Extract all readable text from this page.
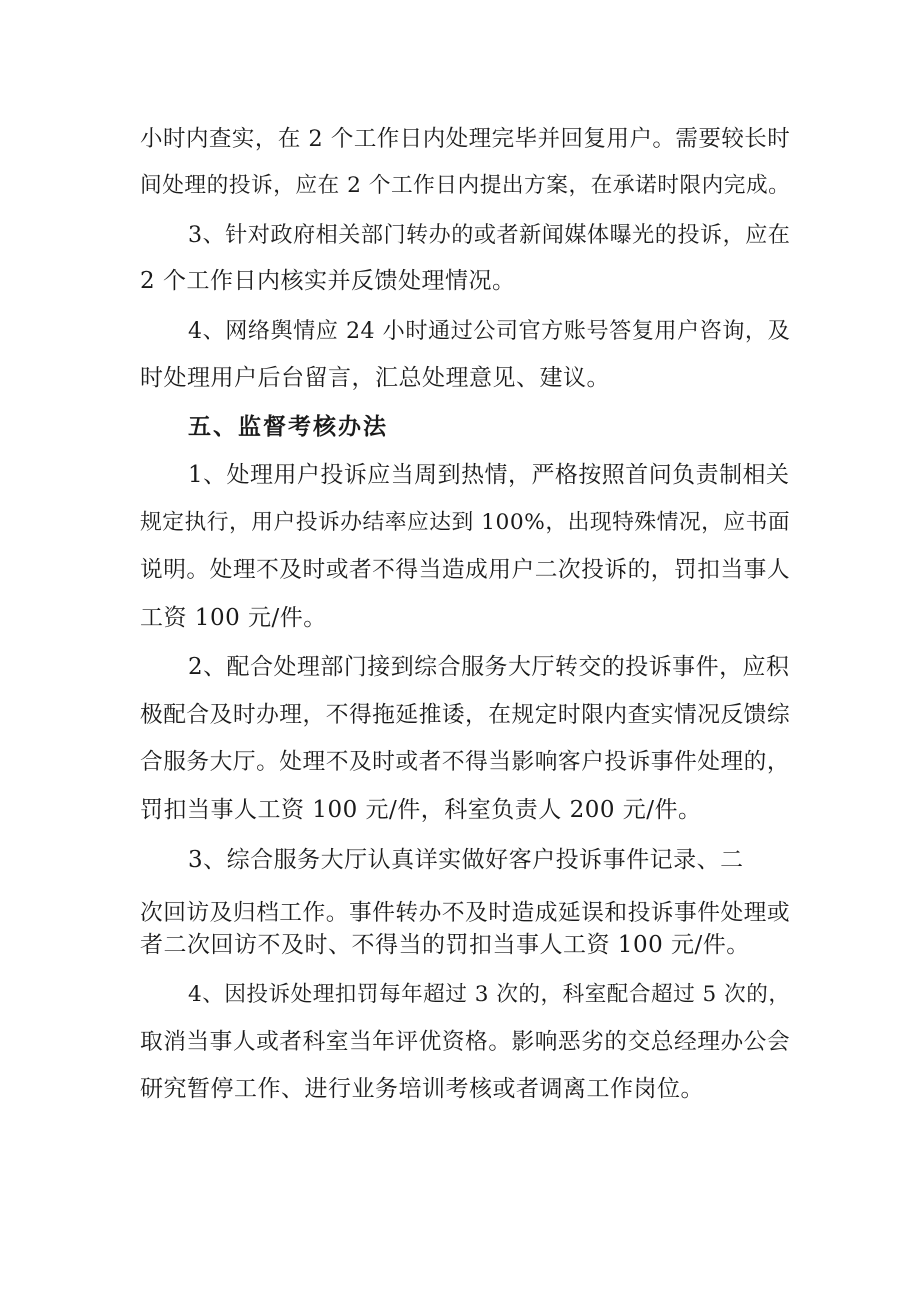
小时内查实，在 2 个工作日内处理完毕并回复用户。需要较长时
间处理的投诉，应在 2 个工作日内提出方案，在承诺时限内完成。
3、针对政府相关部门转办的或者新闻媒体曝光的投诉，应在
2 个工作日内核实并反馈处理情况。
4、网络舆情应 24 小时通过公司官方账号答复用户咨询，及
时处理用户后台留言，汇总处理意见、建议。
五、监督考核办法
1、处理用户投诉应当周到热情，严格按照首问负责制相关
规定执行，用户投诉办结率应达到 100%，出现特殊情况，应书面
说明。处理不及时或者不得当造成用户二次投诉的，罚扣当事人
工资 100 元/件。
2、配合处理部门接到综合服务大厅转交的投诉事件，应积
极配合及时办理，不得拖延推诿，在规定时限内查实情况反馈综
合服务大厅。处理不及时或者不得当影响客户投诉事件处理的，
罚扣当事人工资 100 元/件，科室负责人 200 元/件。
3、综合服务大厅认真详实做好客户投诉事件记录、二
次回访及归档工作。事件转办不及时造成延误和投诉事件处理或
者二次回访不及时、不得当的罚扣当事人工资 100 元/件。
4、因投诉处理扣罚每年超过 3 次的，科室配合超过 5 次的，
取消当事人或者科室当年评优资格。影响恶劣的交总经理办公会
研究暂停工作、进行业务培训考核或者调离工作岗位。
